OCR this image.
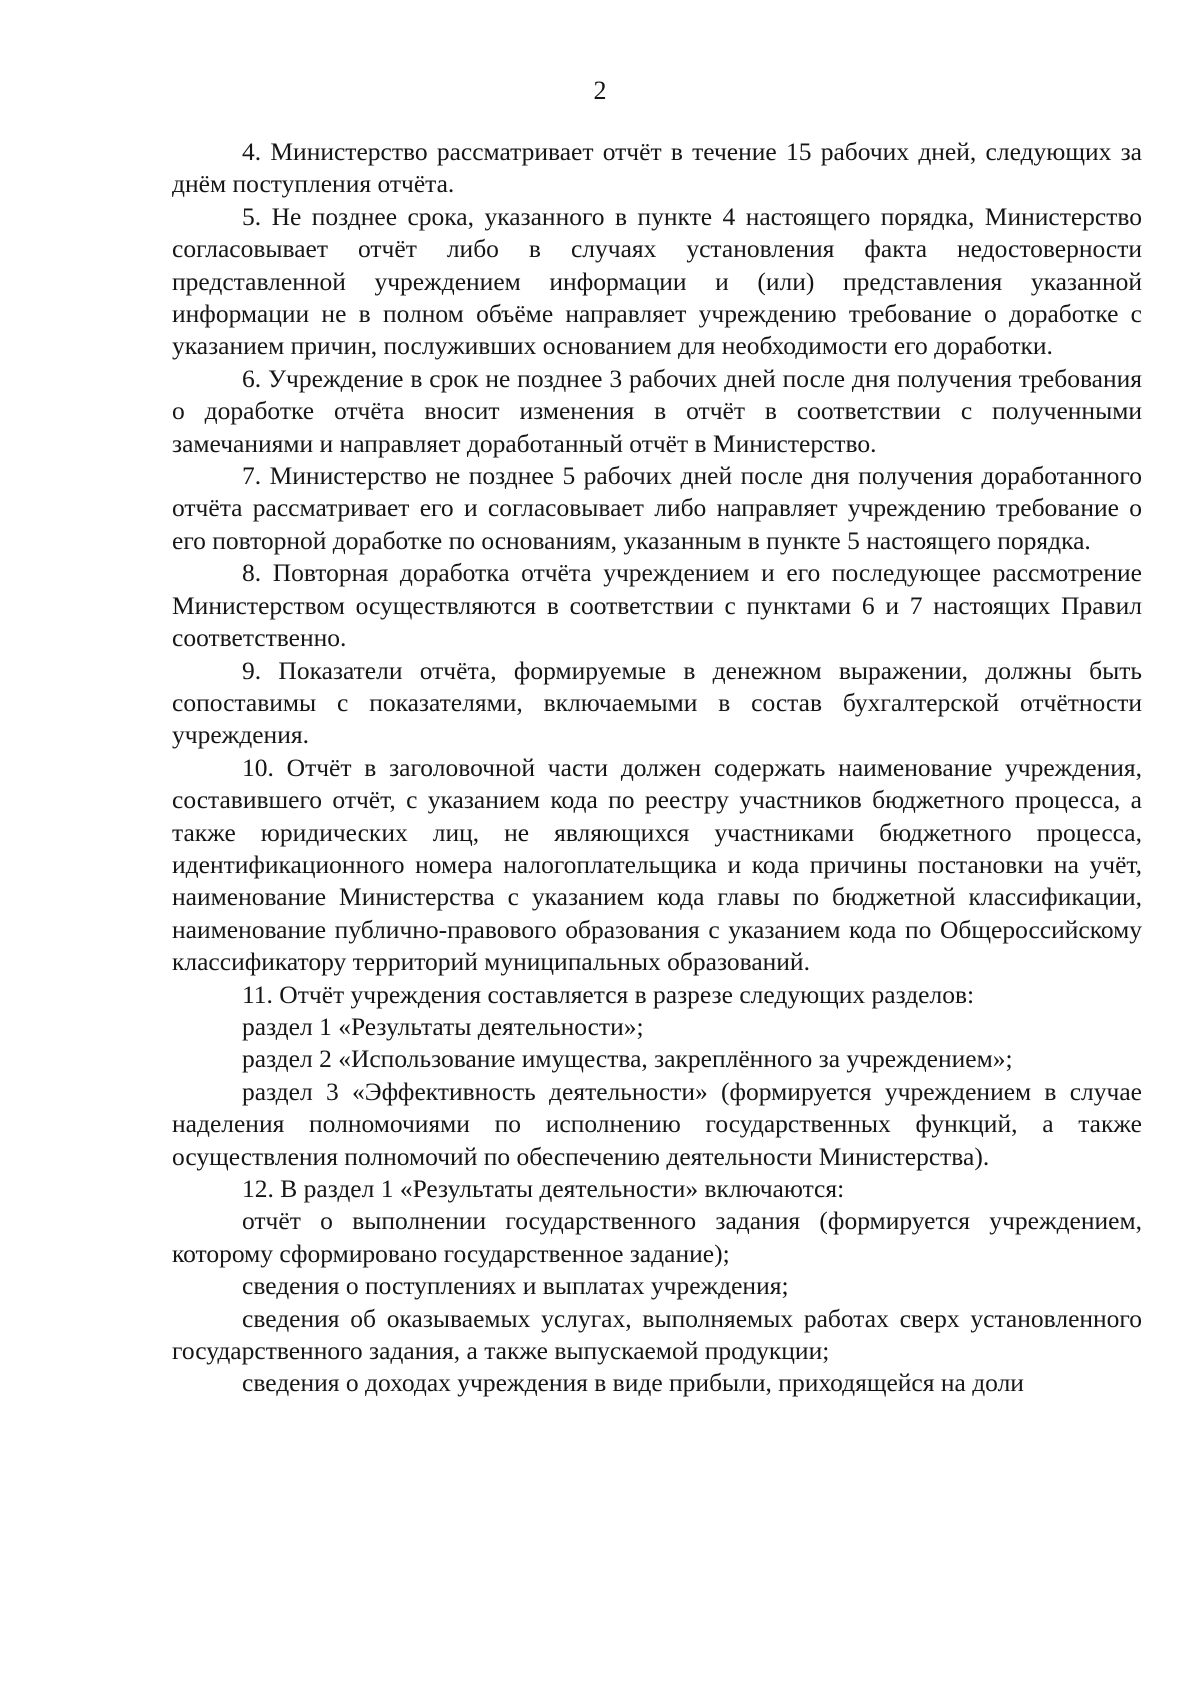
2

4. Министерство рассматривает отчёт в течение 15 рабочих дней, следующих за днём поступления отчёта.

5. Не позднее срока, указанного в пункте 4 настоящего порядка, Министерство согласовывает отчёт либо в случаях установления факта недостоверности представленной учреждением информации и (или) представления указанной информации не в полном объёме направляет учреждению требование о доработке с указанием причин, послуживших основанием для необходимости его доработки.

6. Учреждение в срок не позднее 3 рабочих дней после дня получения требования о доработке отчёта вносит изменения в отчёт в соответствии с полученными замечаниями и направляет доработанный отчёт в Министерство.

7. Министерство не позднее 5 рабочих дней после дня получения доработанного отчёта рассматривает его и согласовывает либо направляет учреждению требование о его повторной доработке по основаниям, указанным в пункте 5 настоящего порядка.

8. Повторная доработка отчёта учреждением и его последующее рассмотрение Министерством осуществляются в соответствии с пунктами 6 и 7 настоящих Правил соответственно.

9. Показатели отчёта, формируемые в денежном выражении, должны быть сопоставимы с показателями, включаемыми в состав бухгалтерской отчётности учреждения.

10. Отчёт в заголовочной части должен содержать наименование учреждения, составившего отчёт, с указанием кода по реестру участников бюджетного процесса, а также юридических лиц, не являющихся участниками бюджетного процесса, идентификационного номера налогоплательщика и кода причины постановки на учёт, наименование Министерства с указанием кода главы по бюджетной классификации, наименование публично-правового образования с указанием кода по Общероссийскому классификатору территорий муниципальных образований.

11. Отчёт учреждения составляется в разрезе следующих разделов:

раздел 1 «Результаты деятельности»;

раздел 2 «Использование имущества, закреплённого за учреждением»;

раздел 3 «Эффективность деятельности» (формируется учреждением в случае наделения полномочиями по исполнению государственных функций, а также осуществления полномочий по обеспечению деятельности Министерства).

12. В раздел 1 «Результаты деятельности» включаются:

отчёт о выполнении государственного задания (формируется учреждением, которому сформировано государственное задание);

сведения о поступлениях и выплатах учреждения;

сведения об оказываемых услугах, выполняемых работах сверх установленного государственного задания, а также выпускаемой продукции;

сведения о доходах учреждения в виде прибыли, приходящейся на доли
